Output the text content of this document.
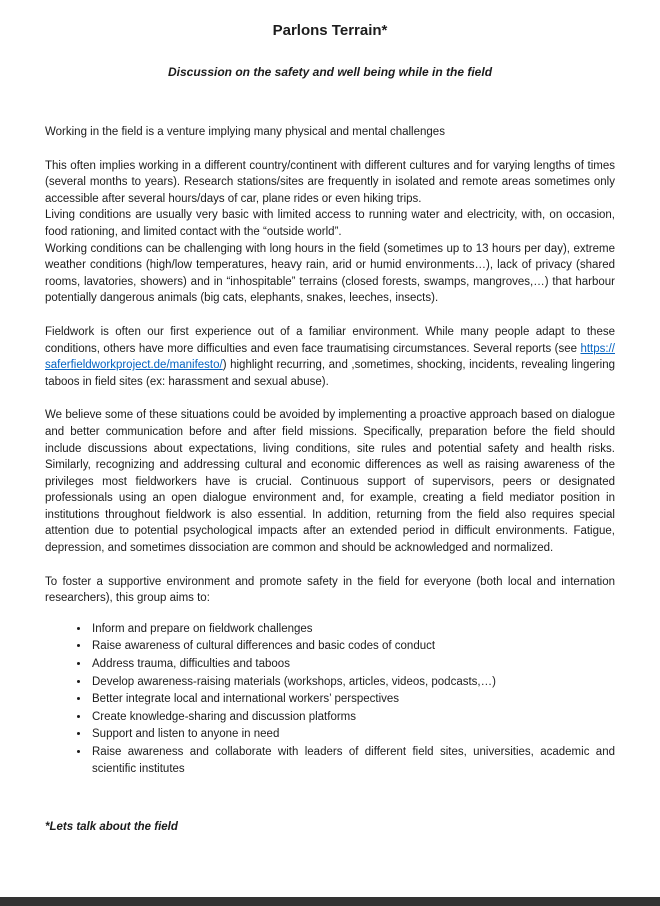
Parlons Terrain*
Discussion on the safety and well being while in the field

Working in the field is a venture implying many physical and mental challenges

This often implies working in a different country/continent with different cultures and for varying lengths of times (several months to years). Research stations/sites are frequently in isolated and remote areas sometimes only accessible after several hours/days of car, plane rides or even hiking trips.

Living conditions are usually very basic with limited access to running water and electricity, with, on occasion, food rationing, and limited contact with the “outside world”.

Working conditions can be challenging with long hours in the field (sometimes up to 13 hours per day), extreme weather conditions (high/low temperatures, heavy rain, arid or humid environments…), lack of privacy (shared rooms, lavatories, showers) and in “inhospitable” terrains (closed forests, swamps, mangroves,…) that harbour potentially dangerous animals (big cats, elephants, snakes, leeches, insects).

Fieldwork is often our first experience out of a familiar environment. While many people adapt to these conditions, others have more difficulties and even face traumatising circumstances. Several reports (see https://saferfieldworkproject.de/manifesto/) highlight recurring, and ,sometimes, shocking, incidents, revealing lingering taboos in field sites (ex: harassment and sexual abuse).

We believe some of these situations could be avoided by implementing a proactive approach based on dialogue and better communication before and after field missions. Specifically, preparation before the field should include discussions about expectations, living conditions, site rules and potential safety and health risks. Similarly, recognizing and addressing cultural and economic differences as well as raising awareness of the privileges most fieldworkers have is crucial. Continuous support of supervisors, peers or designated professionals using an open dialogue environment and, for example, creating a field mediator position in institutions throughout fieldwork is also essential. In addition, returning from the field also requires special attention due to potential psychological impacts after an extended period in difficult environments. Fatigue, depression, and sometimes dissociation are common and should be acknowledged and normalized.

To foster a supportive environment and promote safety in the field for everyone (both local and internation researchers), this group aims to:

• Inform and prepare on fieldwork challenges
• Raise awareness of cultural differences and basic codes of conduct
• Address trauma, difficulties and taboos
• Develop awareness-raising materials (workshops, articles, videos, podcasts,…)
• Better integrate local and international workers’ perspectives
• Create knowledge-sharing and discussion platforms
• Support and listen to anyone in need
• Raise awareness and collaborate with leaders of different field sites, universities, academic and scientific institutes

*Lets talk about the field
